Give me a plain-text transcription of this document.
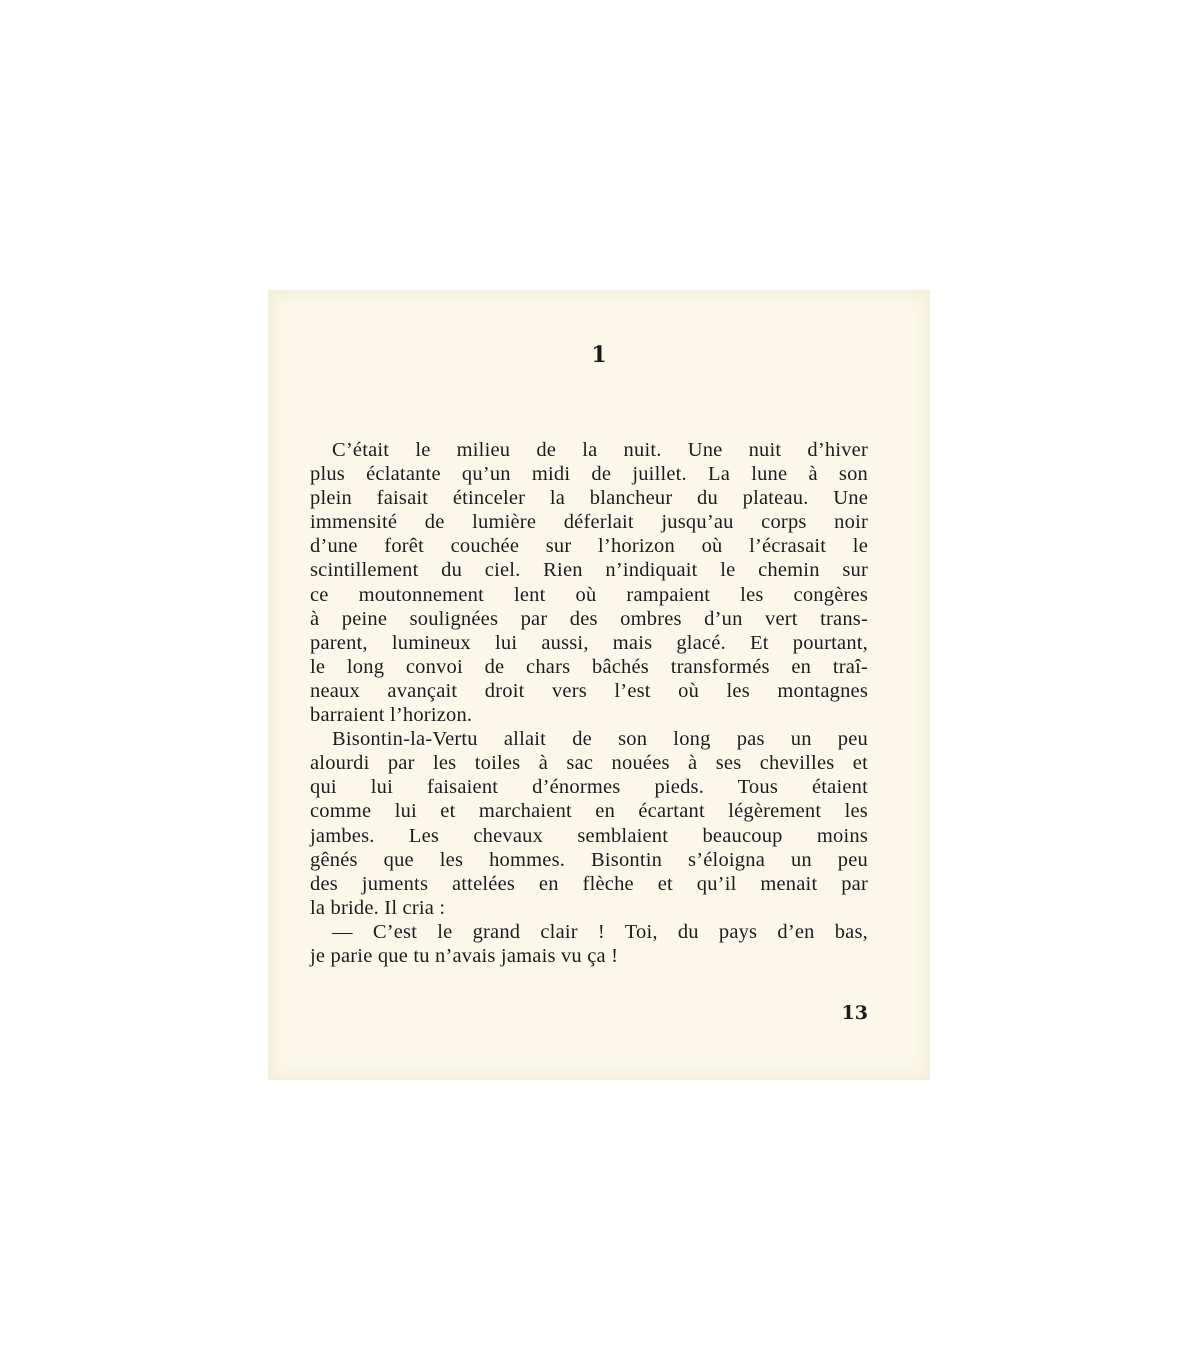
1
C’était le milieu de la nuit. Une nuit d’hiver
plus éclatante qu’un midi de juillet. La lune à son
plein faisait étinceler la blancheur du plateau. Une
immensité de lumière déferlait jusqu’au corps noir
d’une forêt couchée sur l’horizon où l’écrasait le
scintillement du ciel. Rien n’indiquait le chemin sur
ce moutonnement lent où rampaient les congères
à peine soulignées par des ombres d’un vert trans-
parent, lumineux lui aussi, mais glacé. Et pourtant,
le long convoi de chars bâchés transformés en traî-
neaux avançait droit vers l’est où les montagnes
barraient l’horizon.
Bisontin-la-Vertu allait de son long pas un peu
alourdi par les toiles à sac nouées à ses chevilles et
qui lui faisaient d’énormes pieds. Tous étaient
comme lui et marchaient en écartant légèrement les
jambes. Les chevaux semblaient beaucoup moins
gênés que les hommes. Bisontin s’éloigna un peu
des juments attelées en flèche et qu’il menait par
la bride. Il cria :
— C’est le grand clair ! Toi, du pays d’en bas,
je parie que tu n’avais jamais vu ça !
13
